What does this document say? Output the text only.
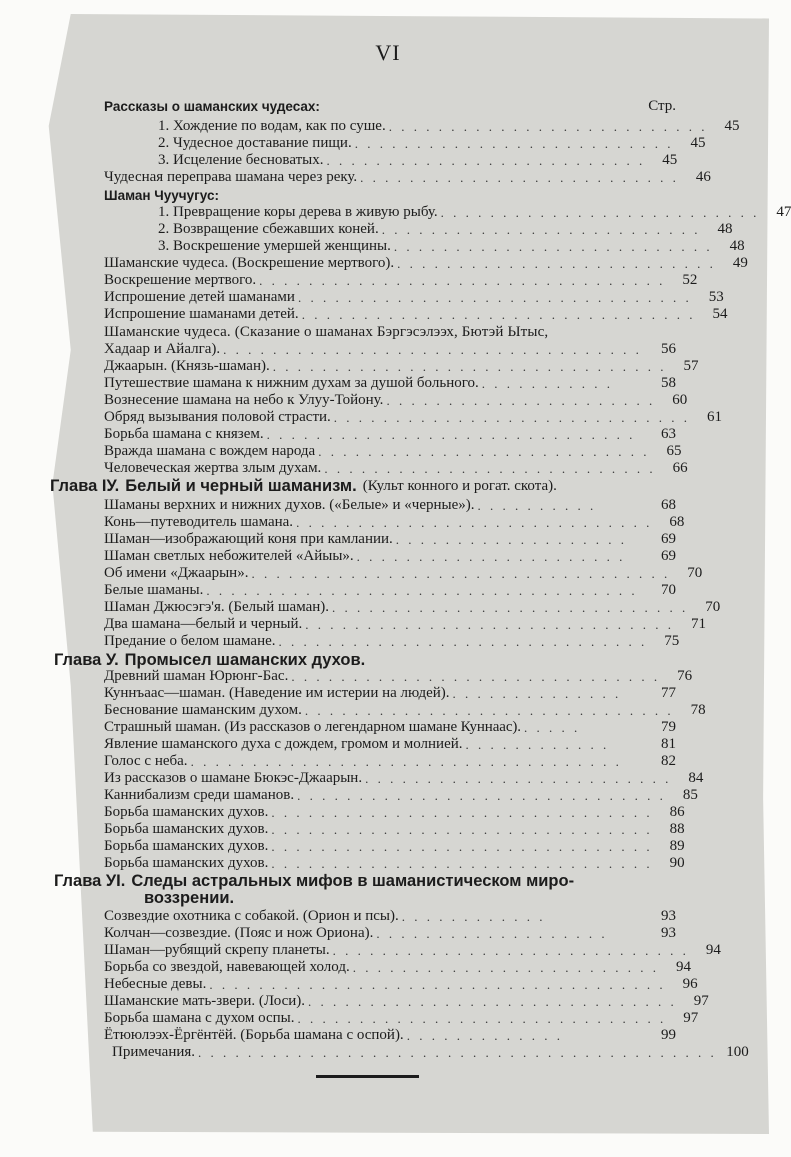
VI
Рассказы о шаманских чудесах:	Стр.
1. Хождение по водам, как по суше. . . . . . . . . . . . . . . . . . . . . . . . . . .	45
2. Чудесное доставание пищи. . . . . . . . . . . . . . . . . . . . . . . . . . .	45
3. Исцеление бесноватых. . . . . . . . . . . . . . . . . . . . . . . . . . .	45
Чудесная переправа шамана через реку. . . . . . . . . . . . . . . . . . . . . . . . . . .	46
Шаман Чуучугус:
1. Превращение коры дерева в живую рыбу. . . . . . . . . . . . . . . . . . . . . . . . . . .	47
2. Возвращение сбежавших коней. . . . . . . . . . . . . . . . . . . . . . . . . . .	48
3. Воскрешение умершей женщины. . . . . . . . . . . . . . . . . . . . . . . . . . .	48
Шаманские чудеса. (Воскрешение мертвого). . . . . . . . . . . . . . . . . . . . . . . . . . .	49
Воскрешение мертвого. . . . . . . . . . . . . . . . . . . . . . . . . . . . . . . . . .	52
Испрошение детей шаманами . . . . . . . . . . . . . . . . . . . . . . . . . . . . . . . .	53
Испрошение шаманами детей. . . . . . . . . . . . . . . . . . . . . . . . . . . . . . . . .	54
Шаманские чудеса. (Сказание о шаманах Бэргэсэлээх, Бютэй Ытыс,
Хадаар и Айалга). . . . . . . . . . . . . . . . . . . . . . . . . . . . . . . . . . .	56
Джаарын. (Князь-шаман). . . . . . . . . . . . . . . . . . . . . . . . . . . . . . . . .	57
Путешествие шамана к нижним духам за душой больного. . . . . . . . . . . .	58
Вознесение шамана на небо к Улуу-Тойону. . . . . . . . . . . . . . . . . . . . . . .	60
Обряд вызывания половой страсти. . . . . . . . . . . . . . . . . . . . . . . . . . . . . .	61
Борьба шамана с князем. . . . . . . . . . . . . . . . . . . . . . . . . . . . . . .	63
Вражда шамана с вождем народа . . . . . . . . . . . . . . . . . . . . . . . . . . .	65
Человеческая жертва злым духам. . . . . . . . . . . . . . . . . . . . . . . . . . . .	66
Глава IУ. Белый и черный шаманизм. (Культ конного и рогат. скота).
Шаманы верхних и нижних духов. («Белые» и «черные»). . . . . . . . . . .	68
Конь—путеводитель шамана. . . . . . . . . . . . . . . . . . . . . . . . . . . . . .	68
Шаман—изображающий коня при камлании. . . . . . . . . . . . . . . . . . . .	69
Шаман светлых небожителей «Айыы». . . . . . . . . . . . . . . . . . . . . . .	69
Об имени «Джаарын». . . . . . . . . . . . . . . . . . . . . . . . . . . . . . . . . . .	70
Белые шаманы. . . . . . . . . . . . . . . . . . . . . . . . . . . . . . . . . . . .	70
Шаман Джюсэгэ'я. (Белый шаман). . . . . . . . . . . . . . . . . . . . . . . . . . . . . .	70
Два шамана—белый и черный. . . . . . . . . . . . . . . . . . . . . . . . . . . . . . .	71
Предание о белом шамане. . . . . . . . . . . . . . . . . . . . . . . . . . . . . . .	75
Глава У. Промысел шаманских духов.
Древний шаман Юрюнг-Бас. . . . . . . . . . . . . . . . . . . . . . . . . . . . . . .	76
Куннъаас—шаман. (Наведение им истерии на людей). . . . . . . . . . . . . . .	77
Беснование шаманским духом. . . . . . . . . . . . . . . . . . . . . . . . . . . . . . .	78
Страшный шаман. (Из рассказов о легендарном шамане Куннаас). . . . . .	79
Явление шаманского духа с дождем, громом и молнией. . . . . . . . . . . . .	81
Голос с неба. . . . . . . . . . . . . . . . . . . . . . . . . . . . . . . . . . . .	82
Из рассказов о шамане Бюкэс-Джаарын. . . . . . . . . . . . . . . . . . . . . . . . . .	84
Каннибализм среди шаманов. . . . . . . . . . . . . . . . . . . . . . . . . . . . . . .	85
Борьба шаманских духов. . . . . . . . . . . . . . . . . . . . . . . . . . . . . . . .	86
Борьба шаманских духов. . . . . . . . . . . . . . . . . . . . . . . . . . . . . . . .	88
Борьба шаманских духов. . . . . . . . . . . . . . . . . . . . . . . . . . . . . . . .	89
Борьба шаманских духов. . . . . . . . . . . . . . . . . . . . . . . . . . . . . . . .	90
Глава УІ. Следы астральных мифов в шаманистическом миро-
воззрении.
Созвездие охотника с собакой. (Орион и псы). . . . . . . . . . . . .	93
Колчан—созвездие. (Пояс и нож Ориона). . . . . . . . . . . . . . . . . . . .	93
Шаман—рубящий скрепу планеты. . . . . . . . . . . . . . . . . . . . . . . . . . . . . .	94
Борьба со звездой, навевающей холод. . . . . . . . . . . . . . . . . . . . . . . . . .	94
Небесные девы. . . . . . . . . . . . . . . . . . . . . . . . . . . . . . . . . . . . . .	96
Шаманские мать-звери. (Лоси). . . . . . . . . . . . . . . . . . . . . . . . . . . . . . .	97
Борьба шамана с духом оспы. . . . . . . . . . . . . . . . . . . . . . . . . . . . . . .	97
Ётююлээх-Ёргёнтёй. (Борьба шамана с оспой). . . . . . . . . . . . . .	99
Примечания. . . . . . . . . . . . . . . . . . . . . . . . . . . . . . . . . . . . . . . . . . . 100
